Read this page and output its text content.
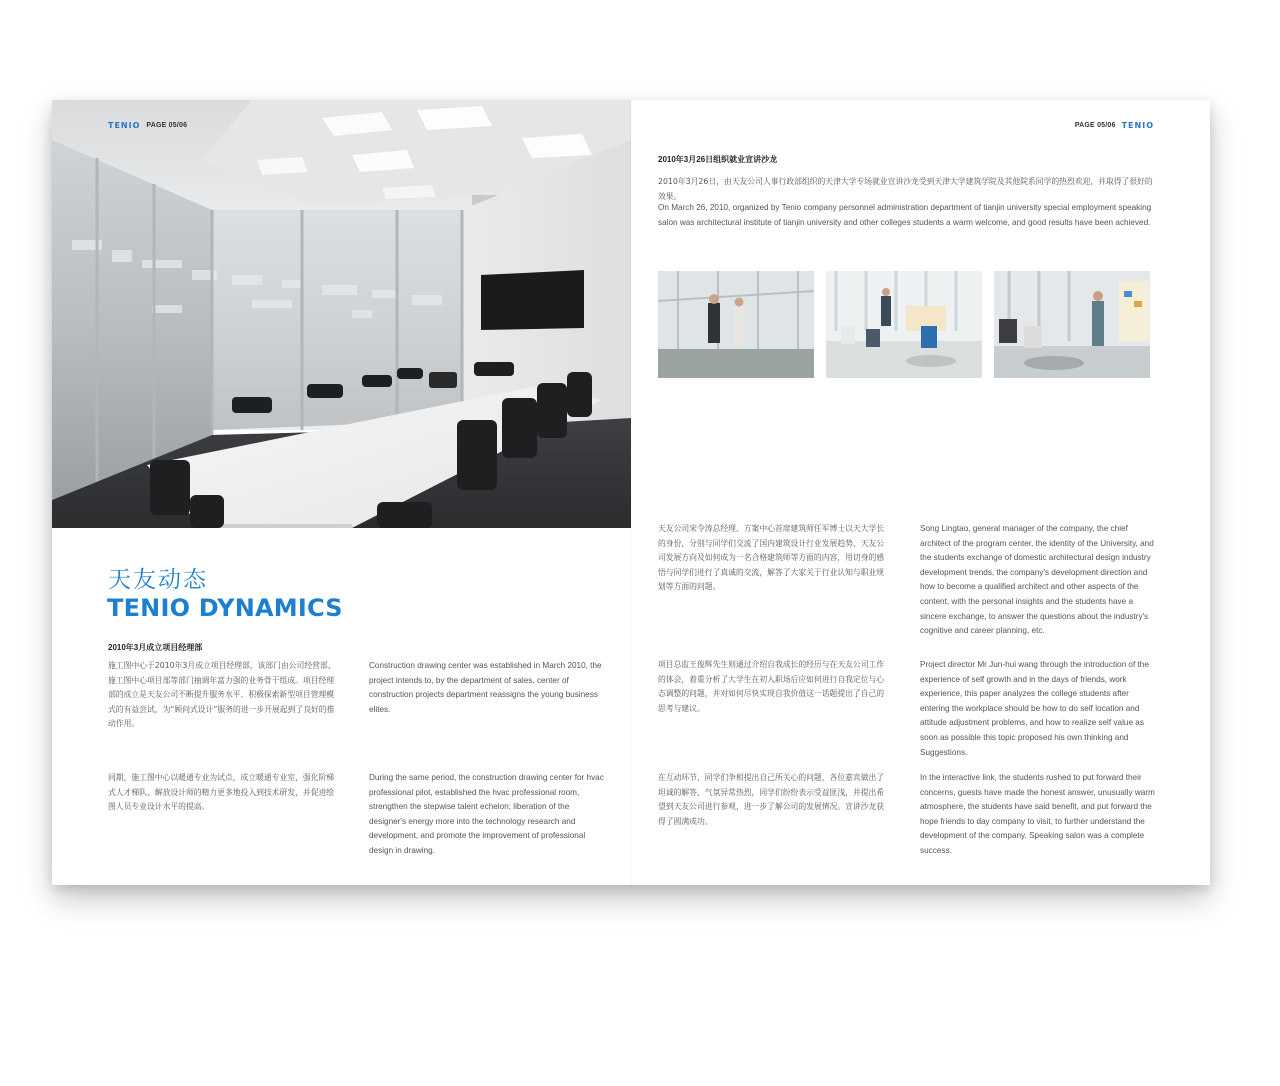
TENIO PAGE 05/06
天友动态
TENIO DYNAMICS
2010年3月成立项目经理部

施工图中心于2010年3月成立项目经理部，该部门由公司经营部、施工图中心项目部等部门抽调年富力强的业务骨干组成。项目经理部的成立是天友公司不断提升服务水平、积极探索新型项目管理模式的有益尝试，为“顾问式设计”服务的进一步开展起到了良好的推动作用。

Construction drawing center was established in March 2010, the project intends to, by the department of sales, center of construction projects department reassigns the young business elites.

同期，施工图中心以暖通专业为试点，成立暖通专业室，强化阶梯式人才梯队、解放设计师的精力更多地投入到技术研发，并促进绘图人员专业设计水平的提高。

During the same period, the construction drawing center for hvac professional pilot, established the hvac professional room, strengthen the stepwise talent echelon; liberation of the designer's energy more into the technology research and development, and promote the improvement of professional design in drawing.

PAGE 05/06 TENIO
2010年3月26日组织就业宣讲沙龙

2010年3月26日，由天友公司人事行政部组织的天津大学专场就业宣讲沙龙受到天津大学建筑学院及其他院系同学的热烈欢迎，并取得了很好的效果。

On March 26, 2010, organized by Tenio company personnel administration department of tianjin university special employment speaking salon was architectural institute of tianjin university and other colleges students a warm welcome, and good results have been achieved.

天友公司宋令涛总经理、方案中心首席建筑师任军博士以天大学长的身份，分别与同学们交流了国内建筑设计行业发展趋势、天友公司发展方向及如何成为一名合格建筑师等方面的内容，用切身的感悟与同学们进行了真诚的交流，解答了大家关于行业认知与职业规划等方面的问题。

Song Lingtao, general manager of the company, the chief architect of the program center, the identity of the University, and the students exchange of domestic architectural design industry development trends, the company's development direction and how to become a qualified architect and other aspects of the content, with the personal insights and the students have a sincere exchange, to answer the questions about the industry's cognitive and career planning, etc.

项目总监王俊辉先生则通过介绍自我成长的经历与在天友公司工作的体会，着重分析了大学生在初入职场后应如何进行自我定位与心态调整的问题，并对如何尽快实现自我价值这一话题提出了自己的思考与建议。

Project director Mr Jun-hui wang through the introduction of the experience of self growth and in the days of friends, work experience, this paper analyzes the college students after entering the workplace should be how to do self location and attitude adjustment problems, and how to realize self value as soon as possible this topic proposed his own thinking and Suggestions.

在互动环节，同学们争相提出自己所关心的问题，各位嘉宾做出了坦诚的解答，气氛异常热烈，同学们纷纷表示受益匪浅，并提出希望到天友公司进行参观，进一步了解公司的发展情况。宣讲沙龙获得了圆满成功。

In the interactive link, the students rushed to put forward their concerns, guests have made the honest answer, unusually warm atmosphere, the students have said benefit, and put forward the hope friends to day company to visit, to further understand the development of the company. Speaking salon was a complete success.
